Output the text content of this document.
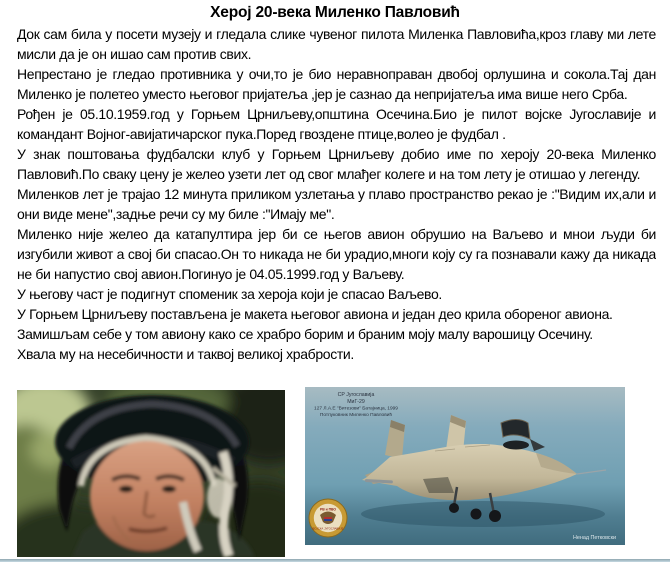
Херој 20-века Миленко Павловић

Док сам била у посети музеју и гледала слике чувеног пилота Миленка Павловића,кроз главу ми лете мисли да је он ишао сам против свих.

Непрестано је гледао противника у очи,то је био неравноправан двобој орлушина и сокола.Тај дан Миленко је полетео уместо његовог пријатеља ,јер је сазнао да непријатеља има више него Срба.

Рођен је 05.10.1959.год у Горњем Црниљеву,општина Осечина.Био је пилот војске Југославије и командант Војног-авијатичарског пука.Поред гвоздене птице,волео је фудбал .

У знак поштовања фудбалски клуб у Горњем Црниљеву добио име по хероју 20-века Миленко Павловић.По сваку цену је желео узети лет од свог млађег колеге и на том лету је отишао у легенду.

Миленков лет је трајао 12 минута приликом узлетања у плаво пространство рекао је :"Видим их,али и они виде мене",задње речи су му биле :"Имају ме".

Миленко није желео да катапултира јер би се његов авион обрушио на Ваљево и мнои људи би изгубили живот а свој би спасао.Он то никада не би урадио,многи коју су га познавали кажу да никада не би напустио свој авион.Погинуо је 04.05.1999.год у Ваљеву.

У његову част је подигнут споменик за хероја који је спасао Ваљево.

У Горњем Црниљеву постављена је макета његовог авиона и један део крила обореног авиона.

Замишљам себе у том авиону како се храбро борим и браним моју малу варошицу Осечину.

Хвала му на несебичности и таквој великој храбрости.

СР Југославија
МиГ-29
127 Л.А.Е "Витезови" Батајница, 1999
Потпуковник Миленко Павловић
РВ и ПВО
ВОЈСКА ЈУГОСЛАВИЈЕ
Ненад Петковски
